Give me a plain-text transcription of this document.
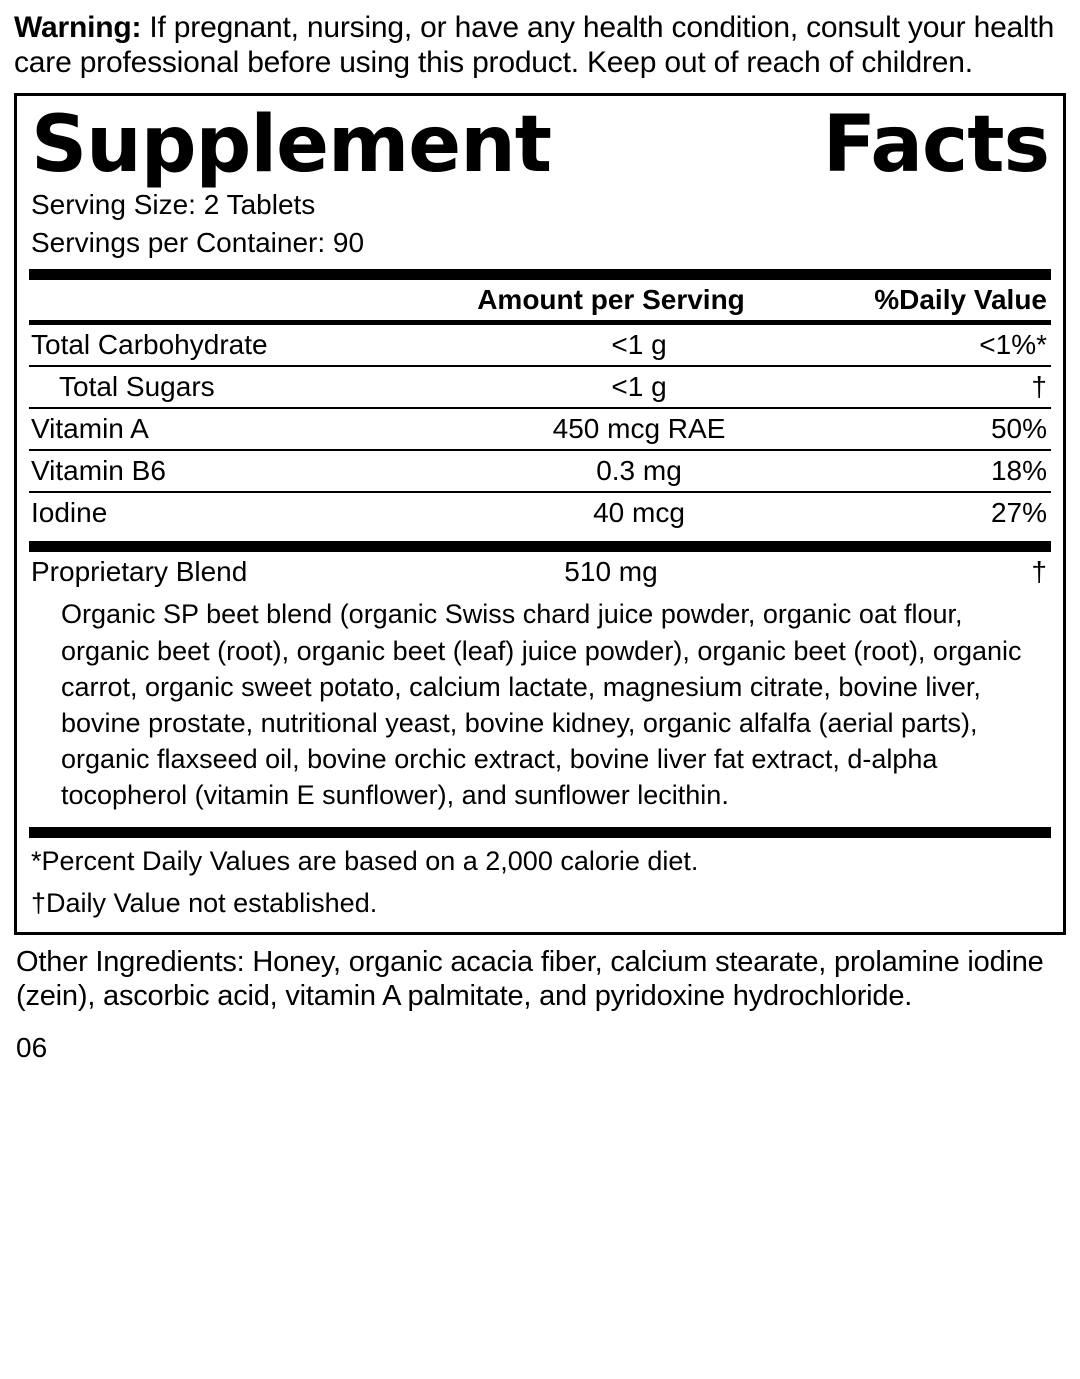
Warning: If pregnant, nursing, or have any health condition, consult your health care professional before using this product. Keep out of reach of children.

Supplement	Facts
Serving Size: 2 Tablets
Servings per Container: 90
	Amount per Serving	%Daily Value
Total Carbohydrate	<1 g	<1%*
Total Sugars	<1 g	†
Vitamin A	450 mcg RAE	50%
Vitamin B6	0.3 mg	18%
Iodine	40 mcg	27%
Proprietary Blend	510 mg	†
Organic SP beet blend (organic Swiss chard juice powder, organic oat flour, organic beet (root), organic beet (leaf) juice powder), organic beet (root), organic carrot, organic sweet potato, calcium lactate, magnesium citrate, bovine liver, bovine prostate, nutritional yeast, bovine kidney, organic alfalfa (aerial parts), organic flaxseed oil, bovine orchic extract, bovine liver fat extract, d-alpha tocopherol (vitamin E sunflower), and sunflower lecithin.
*Percent Daily Values are based on a 2,000 calorie diet.
†Daily Value not established.

Other Ingredients: Honey, organic acacia fiber, calcium stearate, prolamine iodine (zein), ascorbic acid, vitamin A palmitate, and pyridoxine hydrochloride.

06
